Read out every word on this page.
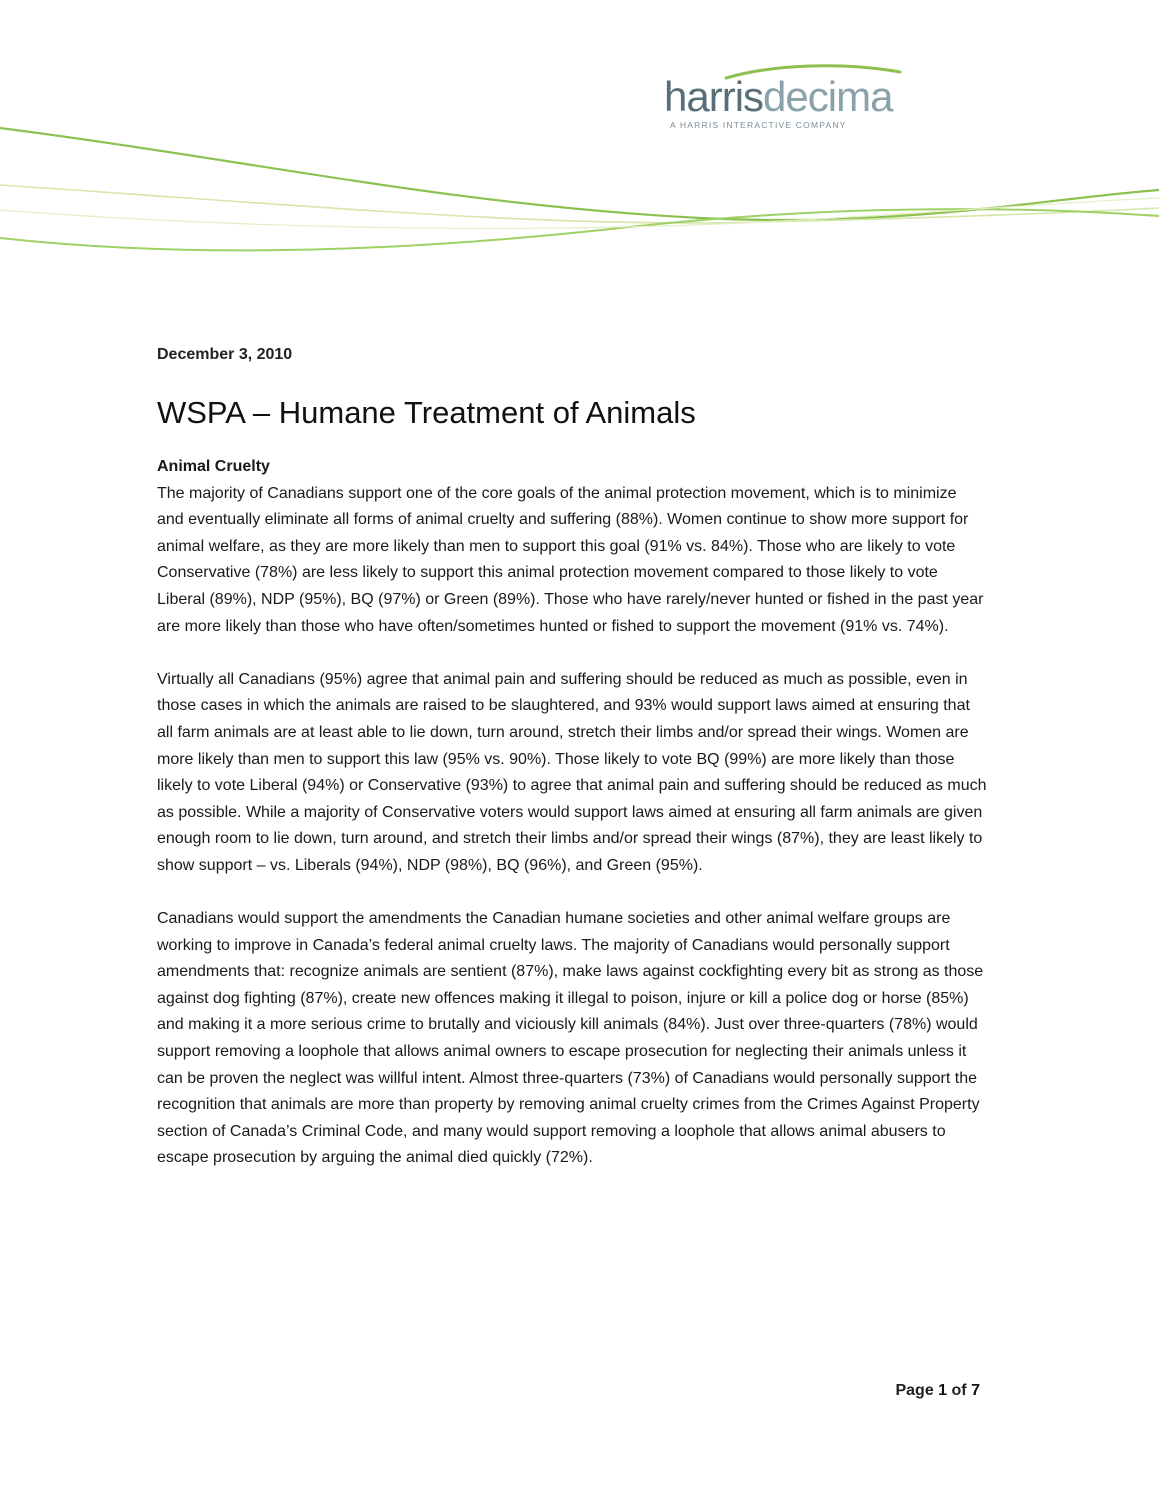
harrisdecima
A HARRIS INTERACTIVE COMPANY

December 3, 2010

WSPA – Humane Treatment of Animals

Animal Cruelty

The majority of Canadians support one of the core goals of the animal protection movement, which is to minimize and eventually eliminate all forms of animal cruelty and suffering (88%). Women continue to show more support for animal welfare, as they are more likely than men to support this goal (91% vs. 84%). Those who are likely to vote Conservative (78%) are less likely to support this animal protection movement compared to those likely to vote Liberal (89%), NDP (95%), BQ (97%) or Green (89%). Those who have rarely/never hunted or fished in the past year are more likely than those who have often/sometimes hunted or fished to support the movement (91% vs. 74%).

Virtually all Canadians (95%) agree that animal pain and suffering should be reduced as much as possible, even in those cases in which the animals are raised to be slaughtered, and 93% would support laws aimed at ensuring that all farm animals are at least able to lie down, turn around, stretch their limbs and/or spread their wings. Women are more likely than men to support this law (95% vs. 90%). Those likely to vote BQ (99%) are more likely than those likely to vote Liberal (94%) or Conservative (93%) to agree that animal pain and suffering should be reduced as much as possible. While a majority of Conservative voters would support laws aimed at ensuring all farm animals are given enough room to lie down, turn around, and stretch their limbs and/or spread their wings (87%), they are least likely to show support – vs. Liberals (94%), NDP (98%), BQ (96%), and Green (95%).

Canadians would support the amendments the Canadian humane societies and other animal welfare groups are working to improve in Canada’s federal animal cruelty laws. The majority of Canadians would personally support amendments that: recognize animals are sentient (87%), make laws against cockfighting every bit as strong as those against dog fighting (87%), create new offences making it illegal to poison, injure or kill a police dog or horse (85%) and making it a more serious crime to brutally and viciously kill animals (84%). Just over three-quarters (78%) would support removing a loophole that allows animal owners to escape prosecution for neglecting their animals unless it can be proven the neglect was willful intent. Almost three-quarters (73%) of Canadians would personally support the recognition that animals are more than property by removing animal cruelty crimes from the Crimes Against Property section of Canada’s Criminal Code, and many would support removing a loophole that allows animal abusers to escape prosecution by arguing the animal died quickly (72%).

Page 1 of 7
